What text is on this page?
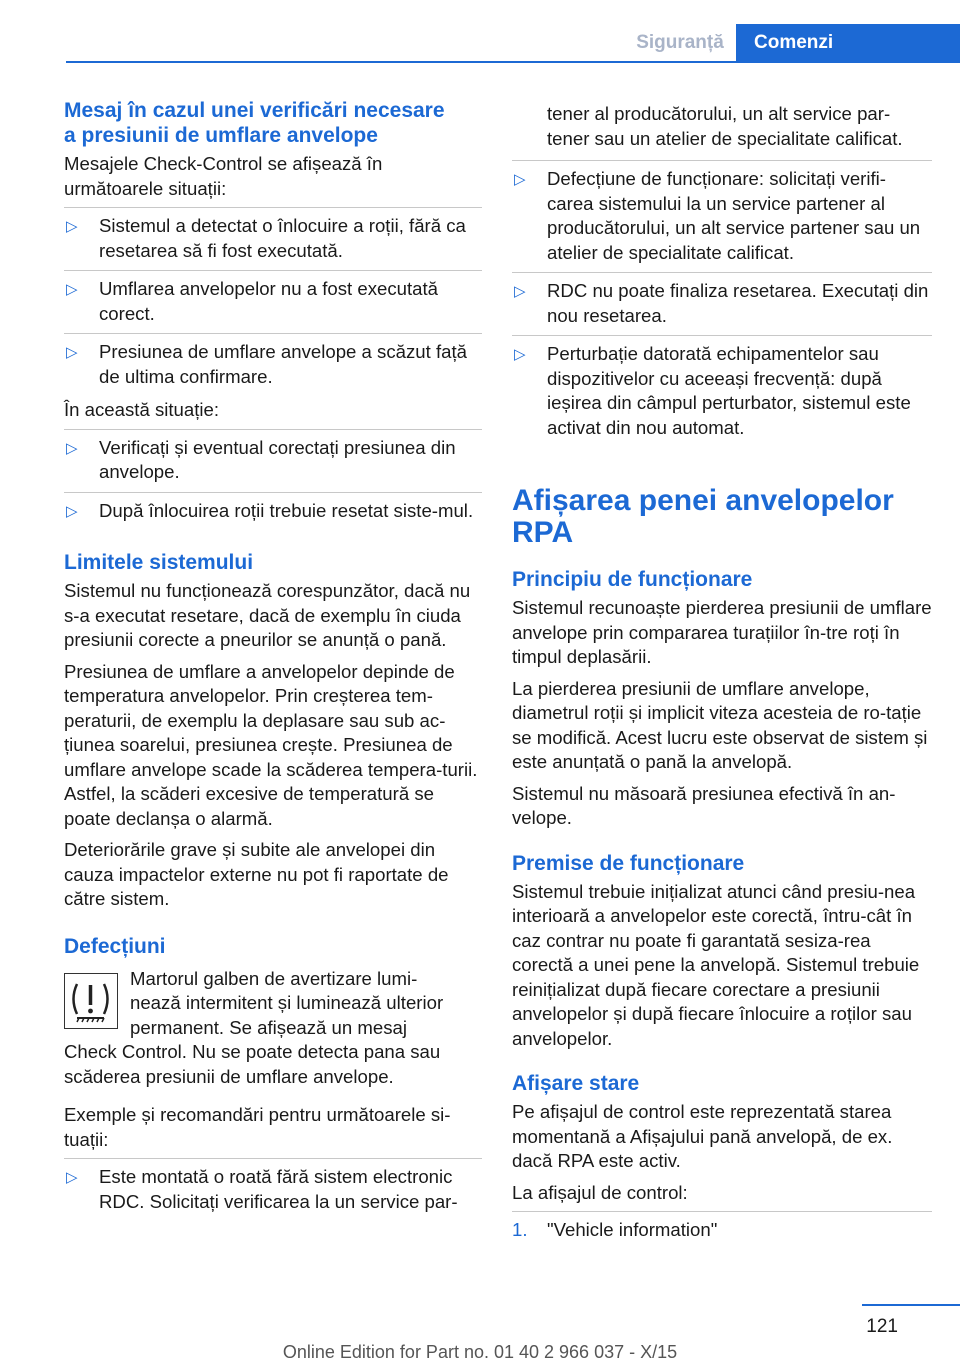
Siguranță	Comenzi
Mesaj în cazul unei verificări necesare
a presiunii de umflare anvelope

Mesajele Check-Control se afișează în următoarele situații:

▷ Sistemul a detectat o înlocuire a roții, fără ca resetarea să fi fost executată.
▷ Umflarea anvelopelor nu a fost executată corect.
▷ Presiunea de umflare anvelope a scăzut față de ultima confirmare.

În această situație:

▷ Verificați și eventual corectați presiunea din anvelope.
▷ După înlocuirea roții trebuie resetat siste-mul.
Limitele sistemului

Sistemul nu funcționează corespunzător, dacă nu s-a executat resetare, dacă de exemplu în ciuda presiunii corecte a pneurilor se anunță o pană.

Presiunea de umflare a anvelopelor depinde de temperatura anvelopelor. Prin creșterea tem-peraturii, de exemplu la deplasare sau sub ac-țiunea soarelui, presiunea crește. Presiunea de umflare anvelope scade la scăderea tempera-turii. Astfel, la scăderi excesive de temperatură se poate declanșa o alarmă.

Deteriorările grave și subite ale anvelopei din cauza impactelor externe nu pot fi raportate de către sistem.

Defecțiuni
Martorul galben de avertizare lumi-
nează intermitent și luminează ulterior
permanent. Se afișează un mesaj
Check Control. Nu se poate detecta pana sau scăderea presiunii de umflare anvelope.

Exemple și recomandări pentru următoarele si-tuații:

▷ Este montată o roată fără sistem electronic RDC. Solicitați verificarea la un service par-

tener al producătorului, un alt service par-tener sau un atelier de specialitate calificat.

▷ Defecțiune de funcționare: solicitați verifi-carea sistemului la un service partener al producătorului, un alt service partener sau un atelier de specialitate calificat.
▷ RDC nu poate finaliza resetarea. Executați din nou resetarea.
▷ Perturbație datorată echipamentelor sau dispozitivelor cu aceeași frecvență: după ieșirea din câmpul perturbator, sistemul este activat din nou automat.
Afișarea penei anvelopelor
RPA
Principiu de funcționare

Sistemul recunoaște pierderea presiunii de umflare anvelope prin compararea turațiilor în-tre roți în timpul deplasării.

La pierderea presiunii de umflare anvelope, diametrul roții și implicit viteza acesteia de ro-tație se modifică. Acest lucru este observat de sistem și este anunțată o pană la anvelopă.

Sistemul nu măsoară presiunea efectivă în an-velope.

Premise de funcționare

Sistemul trebuie inițializat atunci când presiu-nea interioară a anvelopelor este corectă, întru-cât în caz contrar nu poate fi garantată sesiza-rea corectă a unei pene la anvelopă. Sistemul trebuie reinițializat după fiecare corectare a presiunii anvelopelor și după fiecare înlocuire a roților sau anvelopelor.

Afișare stare

Pe afișajul de control este reprezentată starea momentană a Afișajului pană anvelopă, de ex. dacă RPA este activ.

La afișajul de control:

1. "Vehicle information"
121
Online Edition for Part no. 01 40 2 966 037 - X/15
